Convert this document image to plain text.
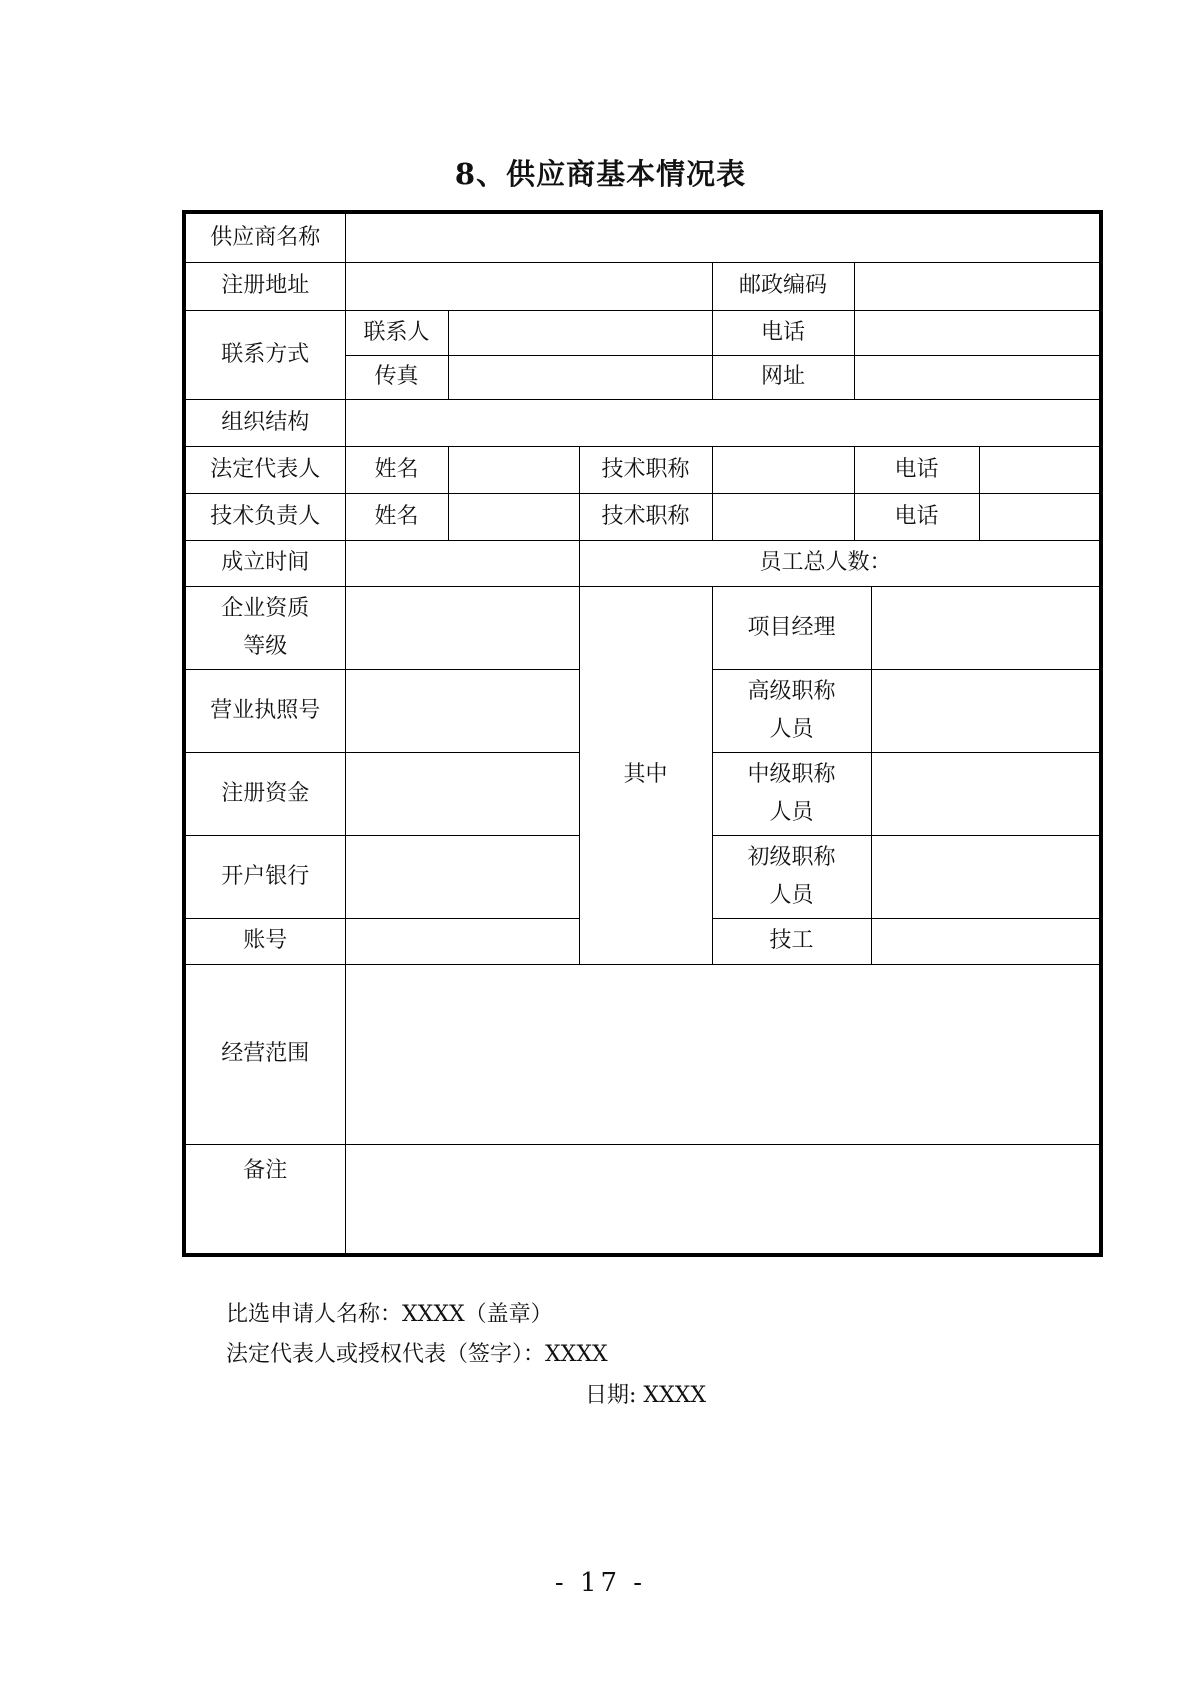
8、供应商基本情况表
供应商名称							
注册地址				邮政编码			
联系方式	联系人			电话			
	传真			网址			
组织结构							
法定代表人	姓名		技术职称		电话		
技术负责人	姓名		技术职称		电话		
成立时间			员工总人数：				

企业资质
等级			其中	项目经理			
营业执照号				高级职称
人员			

注册资金				中级职称
人员			

开户银行				初级职称
人员			

账号				技工			
经营范围							
备注							
比选申请人名称：XXXX（盖章）
法定代表人或授权代表（签字）：XXXX
日期: XXXX
- 17 -
